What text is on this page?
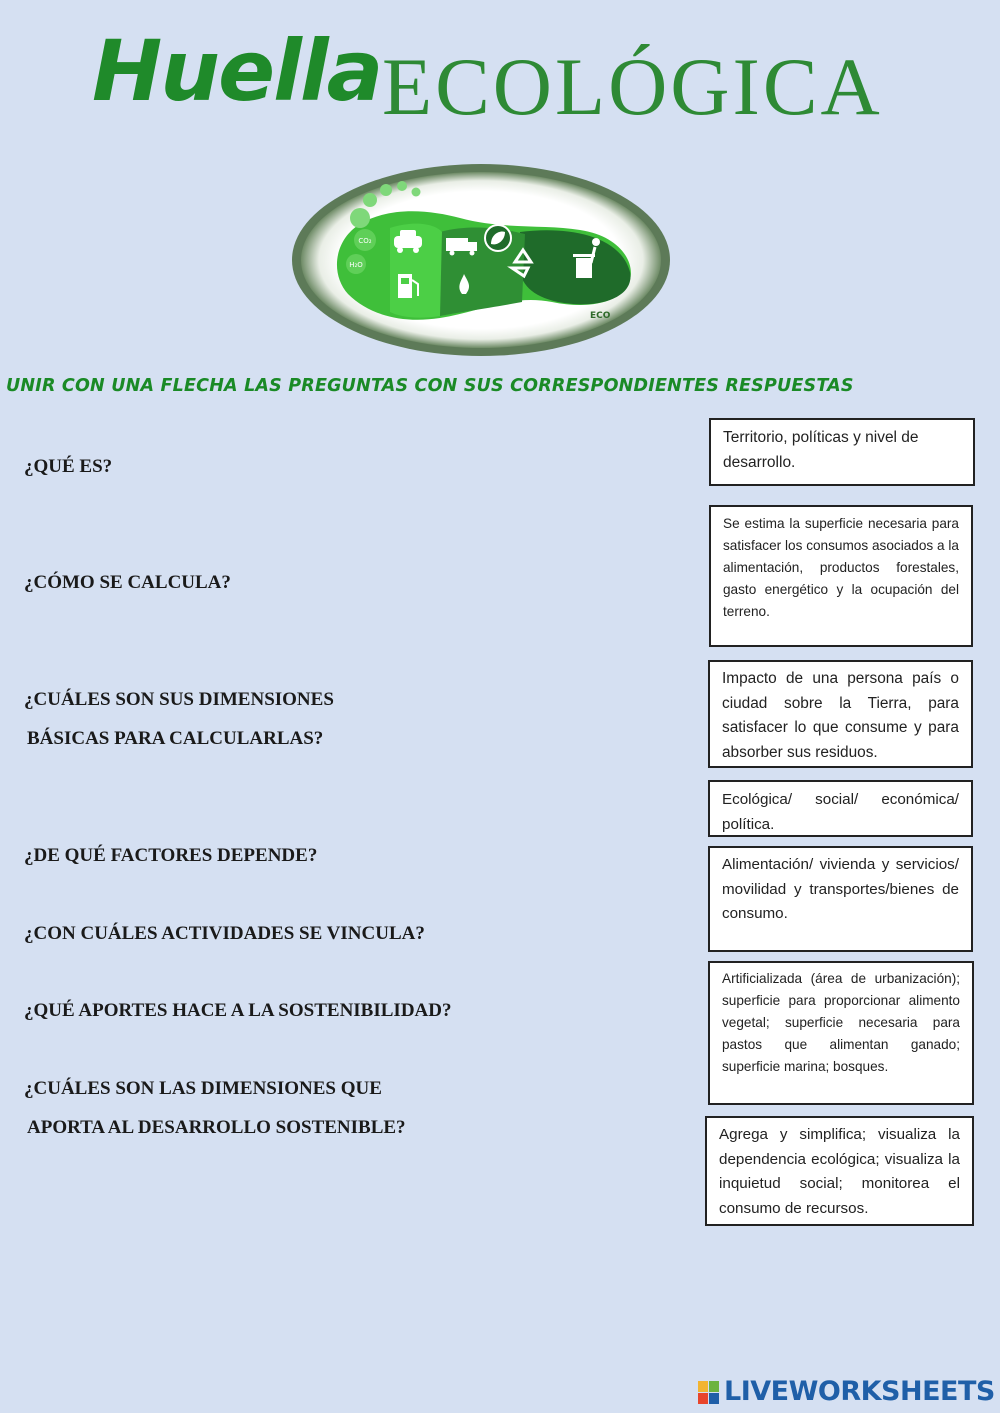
Huella ECOLÓGICA
CO₂
H₂O
ECO
UNIR CON UNA FLECHA LAS PREGUNTAS CON SUS CORRESPONDIENTES RESPUESTAS
¿QUÉ ES?
¿CÓMO SE CALCULA?
¿CUÁLES SON SUS DIMENSIONES
BÁSICAS PARA CALCULARLAS?
¿DE QUÉ FACTORES DEPENDE?
¿CON CUÁLES ACTIVIDADES SE VINCULA?
¿QUÉ APORTES HACE A LA SOSTENIBILIDAD?
¿CUÁLES SON LAS DIMENSIONES QUE
APORTA AL DESARROLLO SOSTENIBLE?
Territorio, políticas y nivel de desarrollo.
Se estima la superficie necesaria para satisfacer los consumos asociados a la alimentación, productos forestales, gasto energético y la ocupación del terreno.
Impacto de una persona país o ciudad sobre la Tierra, para satisfacer lo que consume y para absorber sus residuos.
Ecológica/ social/ económica/ política.
Alimentación/ vivienda y servicios/ movilidad y transportes/bienes de consumo.
Artificializada (área de urbanización); superficie para proporcionar alimento vegetal; superficie necesaria para pastos que alimentan ganado; superficie marina; bosques.
Agrega y simplifica; visualiza la dependencia ecológica; visualiza la inquietud social; monitorea el consumo de recursos.
LIVEWORKSHEETS
